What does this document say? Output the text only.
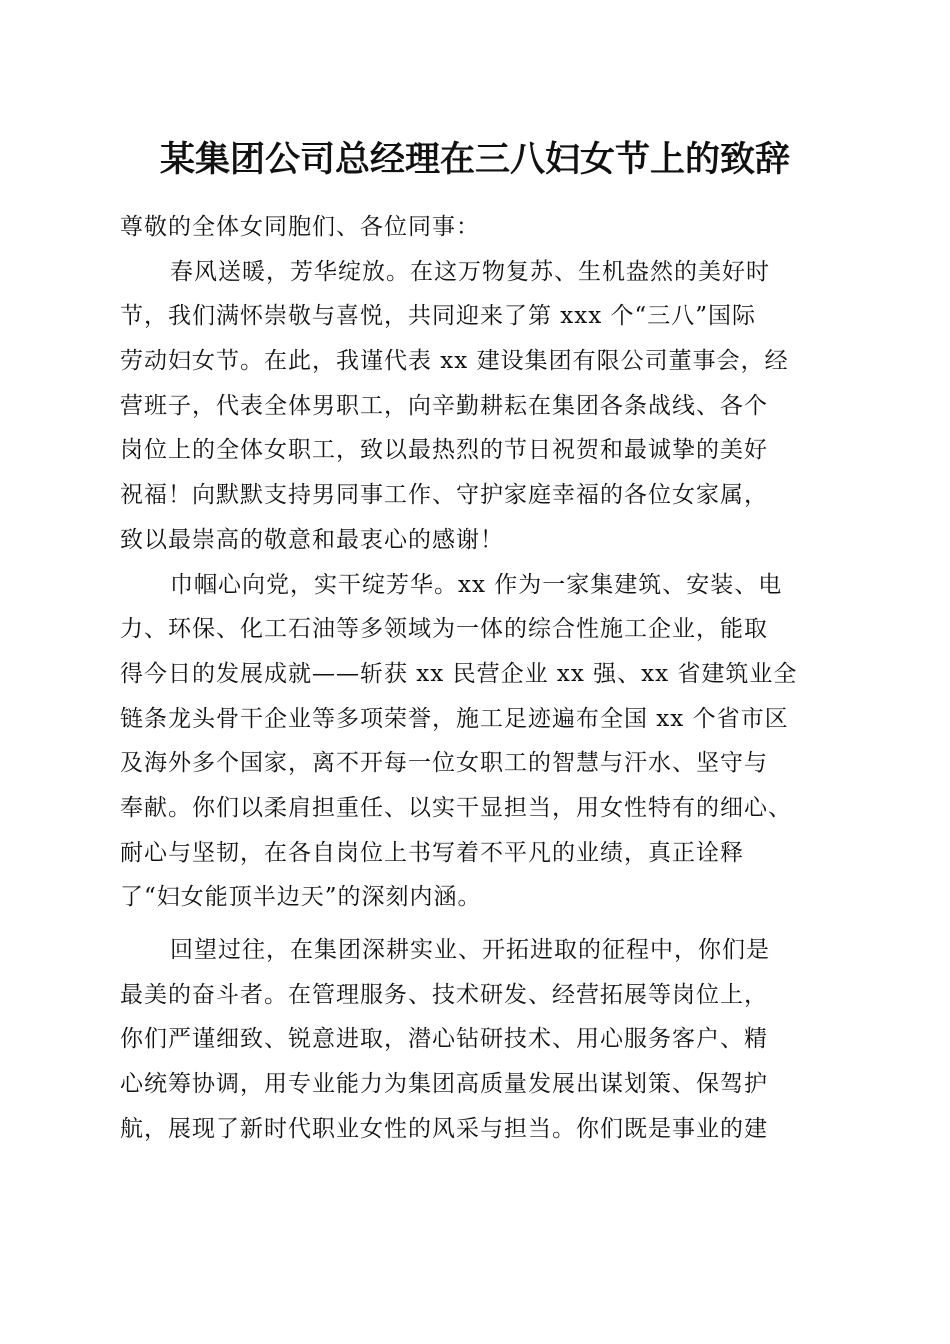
某集团公司总经理在三八妇女节上的致辞
尊敬的全体女同胞们、各位同事：
春风送暖，芳华绽放。在这万物复苏、生机盎然的美好时
节，我们满怀崇敬与喜悦，共同迎来了第 xxx 个“三八”国际
劳动妇女节。在此，我谨代表 xx 建设集团有限公司董事会，经
营班子，代表全体男职工，向辛勤耕耘在集团各条战线、各个
岗位上的全体女职工，致以最热烈的节日祝贺和最诚挚的美好
祝福！向默默支持男同事工作、守护家庭幸福的各位女家属，
致以最崇高的敬意和最衷心的感谢！
巾帼心向党，实干绽芳华。xx 作为一家集建筑、安装、电
力、环保、化工石油等多领域为一体的综合性施工企业，能取
得今日的发展成就——斩获 xx 民营企业 xx 强、xx 省建筑业全
链条龙头骨干企业等多项荣誉，施工足迹遍布全国 xx 个省市区
及海外多个国家，离不开每一位女职工的智慧与汗水、坚守与
奉献。你们以柔肩担重任、以实干显担当，用女性特有的细心、
耐心与坚韧，在各自岗位上书写着不平凡的业绩，真正诠释
了“妇女能顶半边天”的深刻内涵。
回望过往，在集团深耕实业、开拓进取的征程中，你们是
最美的奋斗者。在管理服务、技术研发、经营拓展等岗位上，
你们严谨细致、锐意进取，潜心钻研技术、用心服务客户、精
心统筹协调，用专业能力为集团高质量发展出谋划策、保驾护
航，展现了新时代职业女性的风采与担当。你们既是事业的建
